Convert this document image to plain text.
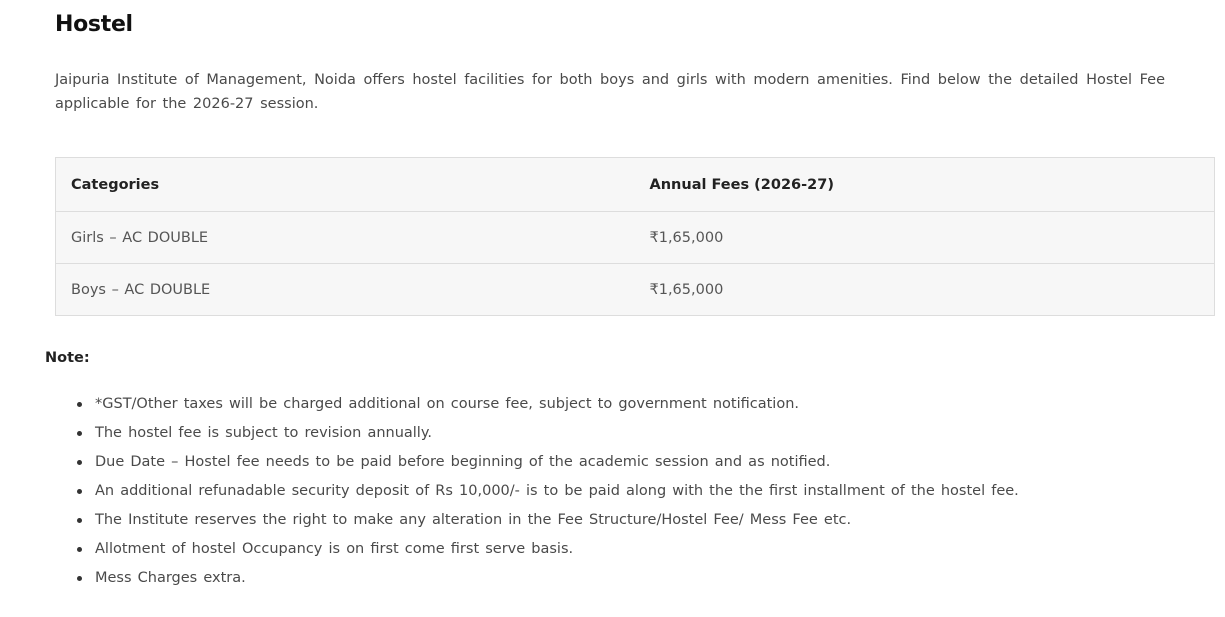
Hostel

Jaipuria Institute of Management, Noida offers hostel facilities for both boys and girls with modern amenities. Find below the detailed Hostel Fee applicable for the 2026-27 session.

Categories	Annual Fees (2026-27)
Girls – AC DOUBLE	₹1,65,000
Boys – AC DOUBLE	₹1,65,000
Note:
*GST/Other taxes will be charged additional on course fee, subject to government notification.
The hostel fee is subject to revision annually.
Due Date – Hostel fee needs to be paid before beginning of the academic session and as notified.
An additional refunadable security deposit of Rs 10,000/- is to be paid along with the the first installment of the hostel fee.
The Institute reserves the right to make any alteration in the Fee Structure/Hostel Fee/ Mess Fee etc.
Allotment of hostel Occupancy is on first come first serve basis.
Mess Charges extra.
